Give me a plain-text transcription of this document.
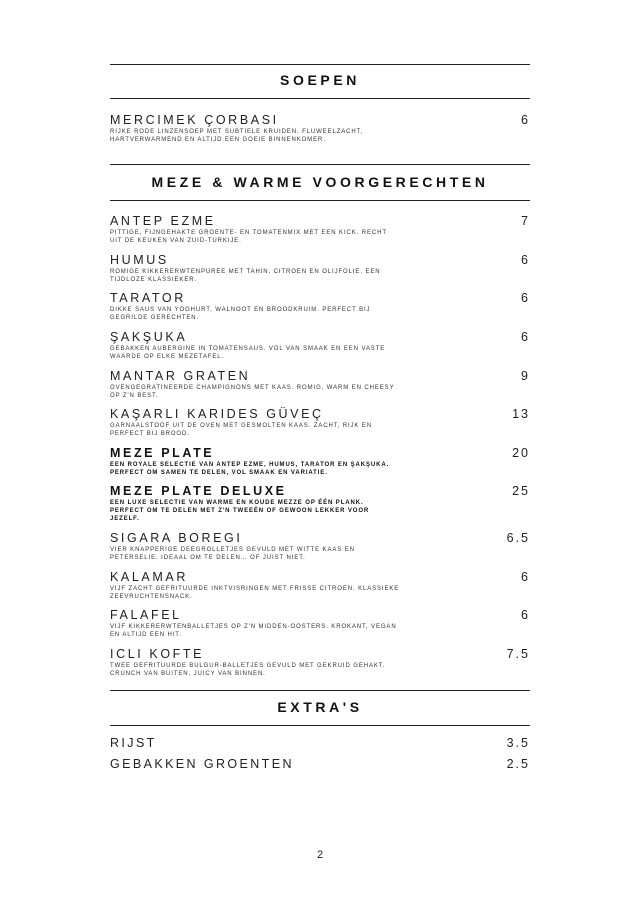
SOEPEN
MERCIMEK ÇORBASI	6
RIJKE RODE LINZENSOEP MET SUBTIELE KRUIDEN. FLUWEELZACHT, HARTVERWARMEND EN ALTIJD EEN GOEIE BINNENKOMER.
MEZE & WARME VOORGERECHTEN
ANTEP EZME	7
PITTIGE, FIJNGEHAKTE GROENTE- EN TOMATENMIX MET EEN KICK. RECHT UIT DE KEUKEN VAN ZUID-TURKIJE.
HUMUS	6
ROMIGE KIKKERERWTENPUREE MET TAHIN, CITROEN EN OLIJFOLIE. EEN TIJDLOZE KLASSIEKER.
TARATOR	6
DIKKE SAUS VAN YOGHURT, WALNOOT EN BROODKRUIM. PERFECT BIJ GEGRILDE GERECHTEN.
ŞAKŞUKA	6
GEBAKKEN AUBERGINE IN TOMATENSAUS. VOL VAN SMAAK EN EEN VASTE WAARDE OP ELKE MEZETAFEL.
MANTAR GRATEN	9
OVENGEGRATINEERDE CHAMPIGNONS MET KAAS. ROMIG, WARM EN CHEESY OP Z'N BEST.
KAŞARLI KARIDES GÜVEÇ	13
GARNAALSTOOF UIT DE OVEN MET GESMOLTEN KAAS. ZACHT, RIJK EN PERFECT BIJ BROOD.
MEZE PLATE	20
EEN ROYALE SELECTIE VAN ANTEP EZME, HUMUS, TARATOR EN ŞAKŞUKA. PERFECT OM SAMEN TE DELEN, VOL SMAAK EN VARIATIE.
MEZE PLATE DELUXE	25
EEN LUXE SELECTIE VAN WARME EN KOUDE MEZZE OP ÉÉN PLANK. PERFECT OM TE DELEN MET Z'N TWEEËN OF GEWOON LEKKER VOOR JEZELF.
SIGARA BOREGI	6.5
VIER KNAPPERIGE DEEGROLLETJES GEVULD MET WITTE KAAS EN PETERSELIE. IDEAAL OM TE DELEN… OF JUIST NIET.
KALAMAR	6
VIJF ZACHT GEFRITUURDE INKTVISRINGEN MET FRISSE CITROEN. KLASSIEKE ZEEVRUCHTENSNACK.
FALAFEL	6
VIJF KIKKERERWTENBALLETJES OP Z'N MIDDEN-OOSTERS. KROKANT, VEGAN EN ALTIJD EEN HIT.
ICLI KOFTE	7.5
TWEE GEFRITUURDE BULGUR-BALLETJES GEVULD MET GEKRUID GEHAKT. CRUNCH VAN BUITEN, JUICY VAN BINNEN.
EXTRA'S
RIJST	3.5
GEBAKKEN GROENTEN	2.5
2
